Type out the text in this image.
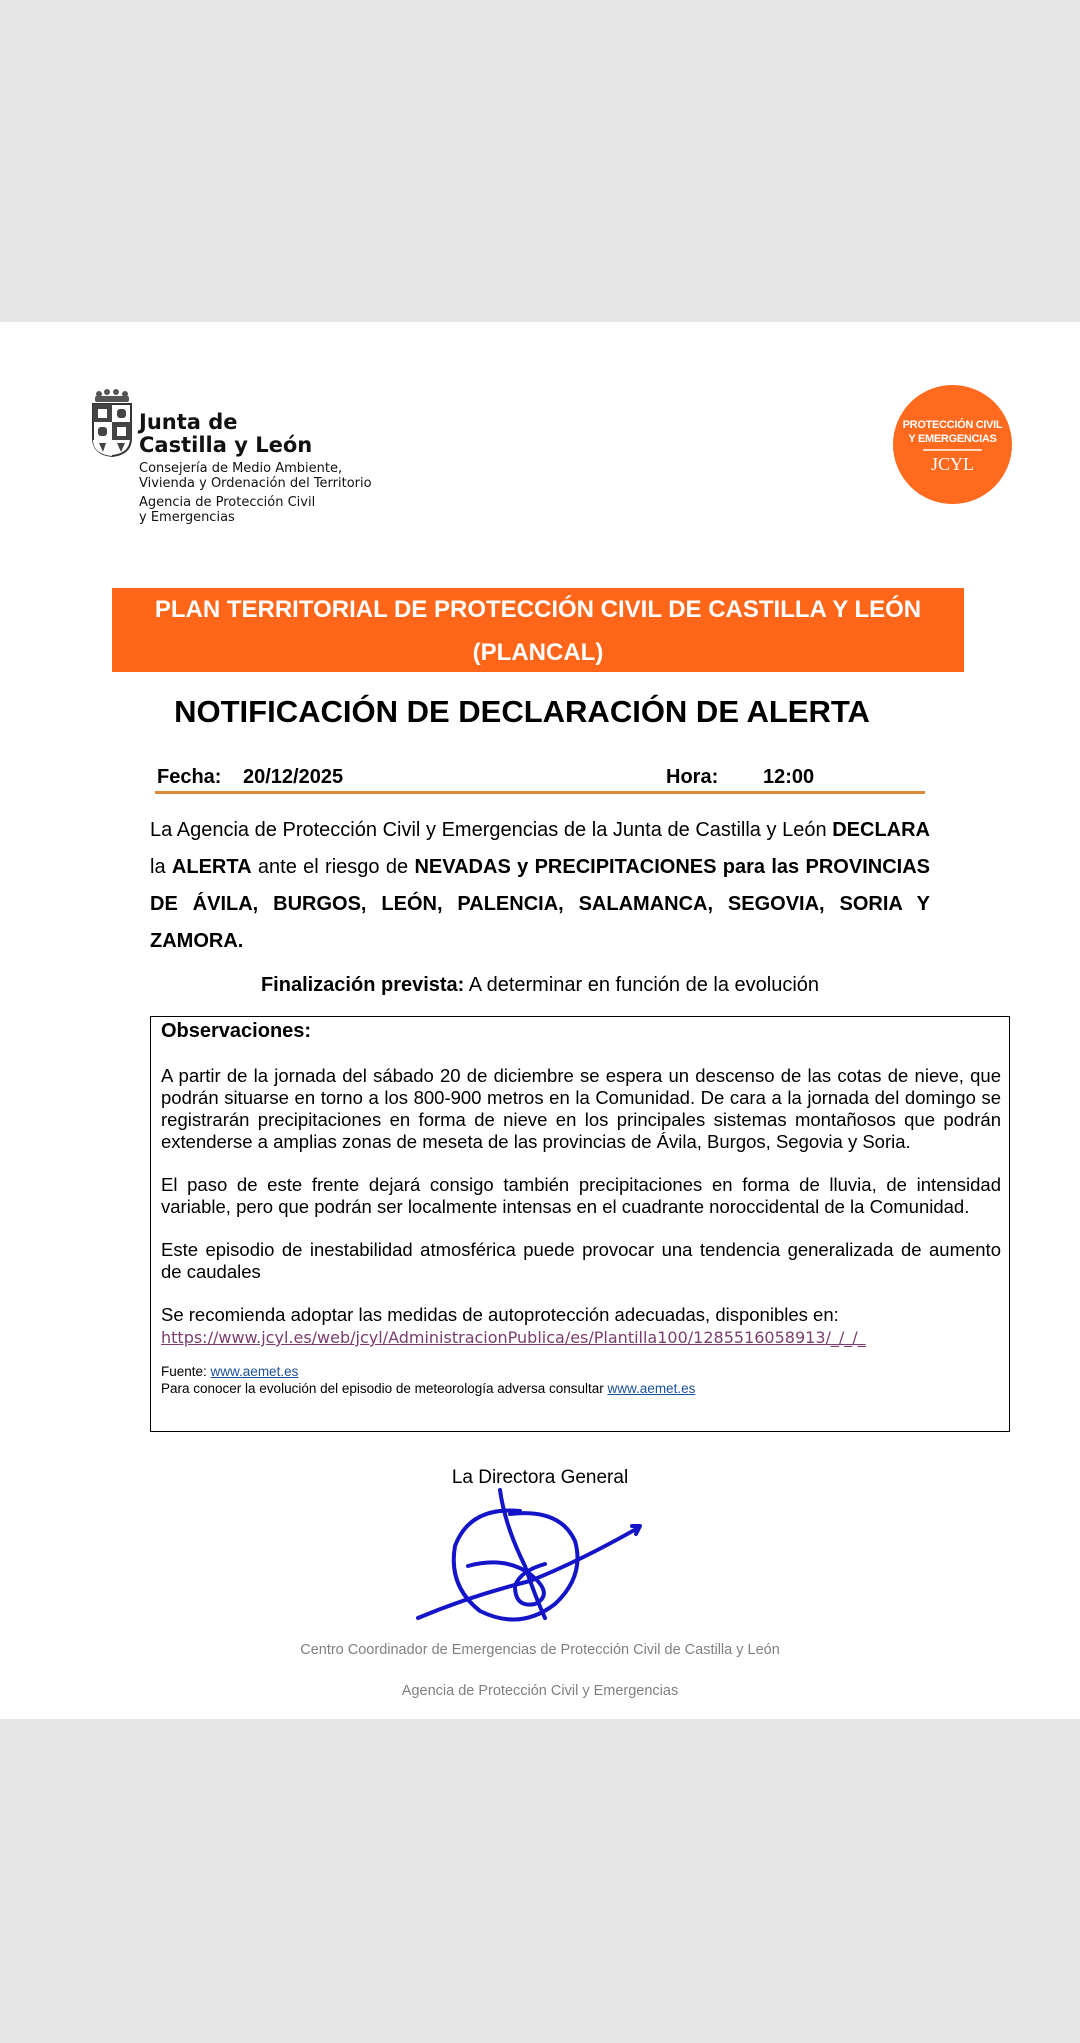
Junta de
Castilla y León
Consejería de Medio Ambiente,
Vivienda y Ordenación del Territorio
Agencia de Protección Civil
y Emergencias
PROTECCIÓN CIVIL
Y EMERGENCIAS
JCYL
PLAN TERRITORIAL DE PROTECCIÓN CIVIL DE CASTILLA Y LEÓN
(PLANCAL)
NOTIFICACIÓN DE DECLARACIÓN DE ALERTA
Fecha: 20/12/2025	Hora: 12:00
La Agencia de Protección Civil y Emergencias de la Junta de Castilla y León DECLARA la ALERTA ante el riesgo de NEVADAS y PRECIPITACIONES para las PROVINCIAS DE ÁVILA, BURGOS, LEÓN, PALENCIA, SALAMANCA, SEGOVIA, SORIA Y ZAMORA.
Finalización prevista: A determinar en función de la evolución
Observaciones:

A partir de la jornada del sábado 20 de diciembre se espera un descenso de las cotas de nieve, que podrán situarse en torno a los 800-900 metros en la Comunidad. De cara a la jornada del domingo se registrarán precipitaciones en forma de nieve en los principales sistemas montañosos que podrán extenderse a amplias zonas de meseta de las provincias de Ávila, Burgos, Segovia y Soria.

El paso de este frente dejará consigo también precipitaciones en forma de lluvia, de intensidad variable, pero que podrán ser localmente intensas en el cuadrante noroccidental de la Comunidad.

Este episodio de inestabilidad atmosférica puede provocar una tendencia generalizada de aumento de caudales

Se recomienda adoptar las medidas de autoprotección adecuadas, disponibles en:
https://www.jcyl.es/web/jcyl/AdministracionPublica/es/Plantilla100/1285516058913/_/_/_

Fuente: www.aemet.es
Para conocer la evolución del episodio de meteorología adversa consultar www.aemet.es
La Directora General
Centro Coordinador de Emergencias de Protección Civil de Castilla y León
Agencia de Protección Civil y Emergencias
